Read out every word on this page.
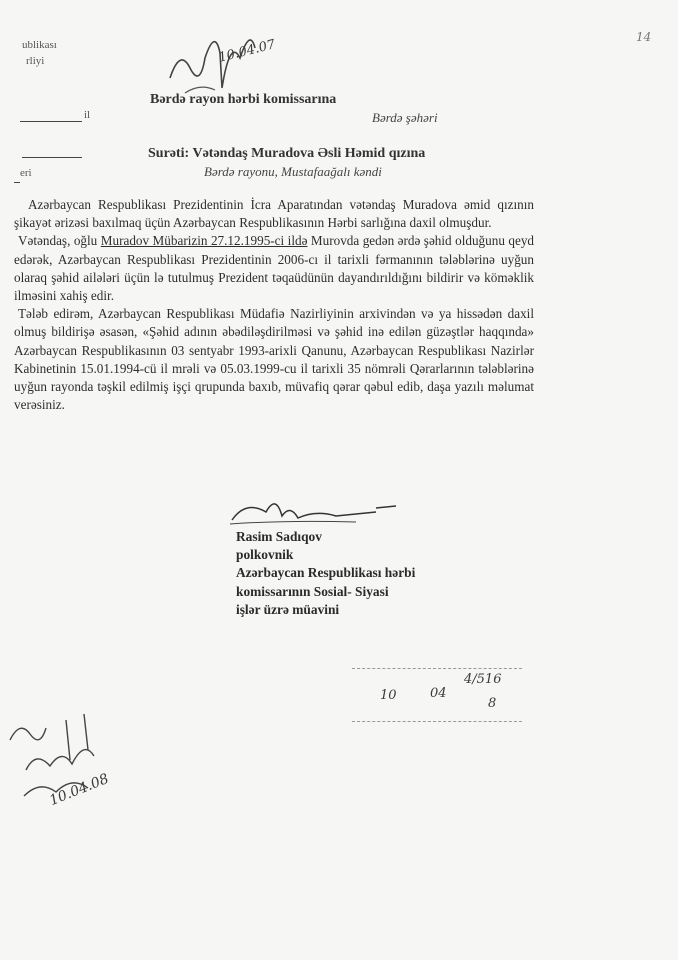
ublikası
rliyi
il
eri
10.04.07
14
Bərdə rayon hərbi komissarına
Bərdə şəhəri
Surəti: Vətəndaş Muradova Əsli Həmid qızına
Bərdə rayonu, Mustafaağalı kəndi

Azərbaycan Respublikası Prezidentinin İcra Aparatından vətəndaş Muradova əmid qızının şikayət ərizəsi baxılmaq üçün Azərbaycan Respublikasının Hərbi sarlığına daxil olmuşdur.

Vətəndaş, oğlu Muradov Mübarizin 27.12.1995-ci ildə Murovda gedən ərdə şəhid olduğunu qeyd edərək, Azərbaycan Respublikası Prezidentinin 2006-cı il tarixli fərmanının tələblərinə uyğun olaraq şəhid ailələri üçün lə tutulmuş Prezident təqaüdünün dayandırıldığını bildirir və köməklik ilməsini xahiş edir.

Tələb edirəm, Azərbaycan Respublikası Müdafiə Nazirliyinin arxivindən və ya hissədən daxil olmuş bildirişə əsasən, «Şəhid adının əbədiləşdirilməsi və şəhid inə edilən güzəştlər haqqında» Azərbaycan Respublikasının 03 sentyabr 1993-arixli Qanunu, Azərbaycan Respublikası Nazirlər Kabinetinin 15.01.1994-cü il mrəli və 05.03.1999-cu il tarixli 35 nömrəli Qərarlarının tələblərinə uyğun rayonda təşkil edilmiş işçi qrupunda baxıb, müvafiq qərar qəbul edib, daşa yazılı məlumat verəsiniz.

Rasim Sadıqov
polkovnik
Azərbaycan Respublikası hərbi
komissarının Sosial- Siyasi
işlər üzrə müavini
10	04
4/516
8
10.04.08
